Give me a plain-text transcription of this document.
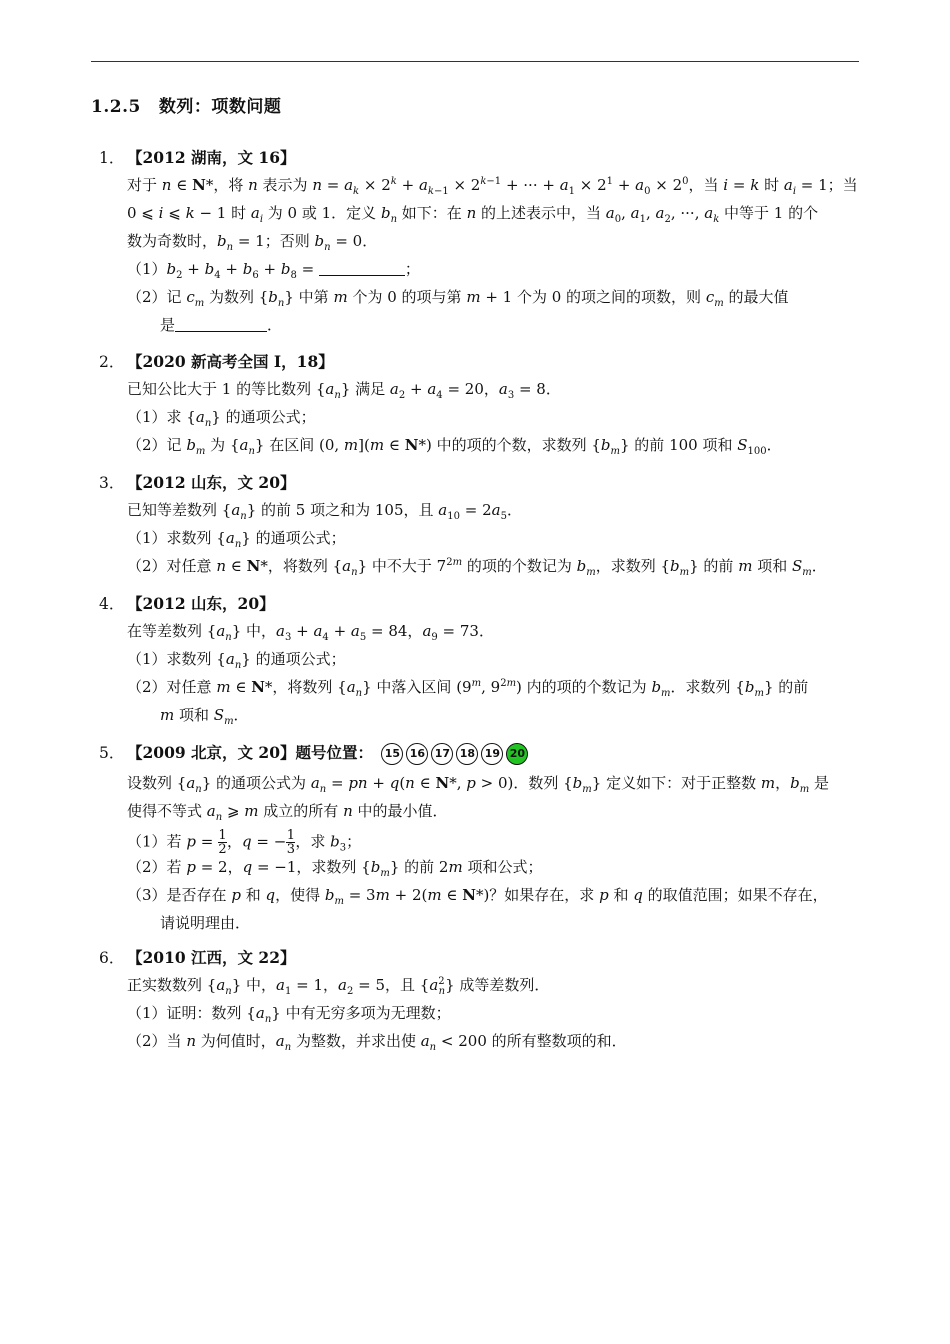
1.2.5 数列：项数问题
1． 【2012 湖南，文 16】
对于 n ∈ N*，将 n 表示为 $n = a_k \times 2^k + a_{k-1} \times 2^{k-1}$ + ··· + $a_1 \times 2^1 + a_0 \times 2^0$，当 i = k 时 $a_i = 1$；当
0 ⩽ i ⩽ k − 1 时 $a_i$ 为 0 或 1．定义 $b_n$ 如下：在 n 的上述表示中，当 $a_0$, $a_1$, $a_2$, ···, $a_k$ 中等于 1 的个
数为奇数时，$b_n = 1$；否则 $b_n = 0$．
$(1)b_2 + b_4 + b_6 + b_8$ =	；
（2）记 $c_m$ 为数列 $\{b_n\}$ 中第 m 个为 0 的项与第 m + 1 个为 0 的项之间的项数，则 $c_m$ 的最大值
是	．
2． 【2020 新高考全国 Ⅰ，18】
已知公比大于 1 的等比数列 $\{a_n\}$ 满足 $a_2 + a_4 = 20$，$a_3 = 8$．
（1）求 $\{a_n\}$ 的通项公式；
（2）记 $b_m$ 为 $\{a_n\}$ 在区间 (0, m](m ∈ N*) 中的项的个数，求数列 $\{b_m\}$ 的前 100 项和 $S_{100}$．
3． 【2012 山东，文 20】
已知等差数列 $\{a_n\}$ 的前 5 项之和为 105，且 $a_{10} = 2a_5$．
（1）求数列 $\{a_n\}$ 的通项公式；
（2）对任意 n ∈ N*，将数列 $\{a_n\}$ 中不大于 $7^{2m}$ 的项的个数记为 $b_m$，求数列 $\{b_m\}$ 的前 m 项和 $S_m$．
4． 【2012 山东，20】
在等差数列 $\{a_n\}$ 中，$a_3 + a_4 + a_5 = 84$，$a_9 = 73$．
（1）求数列 $\{a_n\}$ 的通项公式；
（2）对任意 m ∈ N*，将数列 $\{a_n\}$ 中落入区间 (9$^m$, $9^{2m}$) 内的项的个数记为 $b_m$．求数列 $\{b_m\}$ 的前
m 项和 $S_m$．
5． 【2009 北京，文 20】题号位置： 15 16 17 18 19 20
设数列 $\{a_n\}$ 的通项公式为 $a_n$ = pn + q(n ∈ N*, p > 0)．数列 $\{b_m\}$ 定义如下：对于正整数 m，$b_m$ 是
使得不等式 $a_n$ ⩾ m 成立的所有 n 中的最小值．
（1）若 $p = \frac{1}{2}$ ，q = − $\frac{1}{3}$ ，求 $b_3$；
（2）若 p = 2，q = −1，求数列 $\{b_m\}$ 的前 2m 项和公式；
（3）是否存在 p 和 q，使得 $b_m = 3m + 2(m$ ∈ N*)？如果存在，求 p 和 q 的取值范围；如果不存在，
请说明理由．
6． 【2010 江西，文 22】
正实数数列 $\{a_n\}$ 中，$a_1 = 1$，$a_2 = 5$，且 $\{a^2_n\}$ 成等差数列．
（1）证明：数列 $\{a_n\}$ 中有无穷多项为无理数；
（2）当 n 为何值时，$a_n$ 为整数，并求出使 $a_n < 200$ 的所有整数项的和．
